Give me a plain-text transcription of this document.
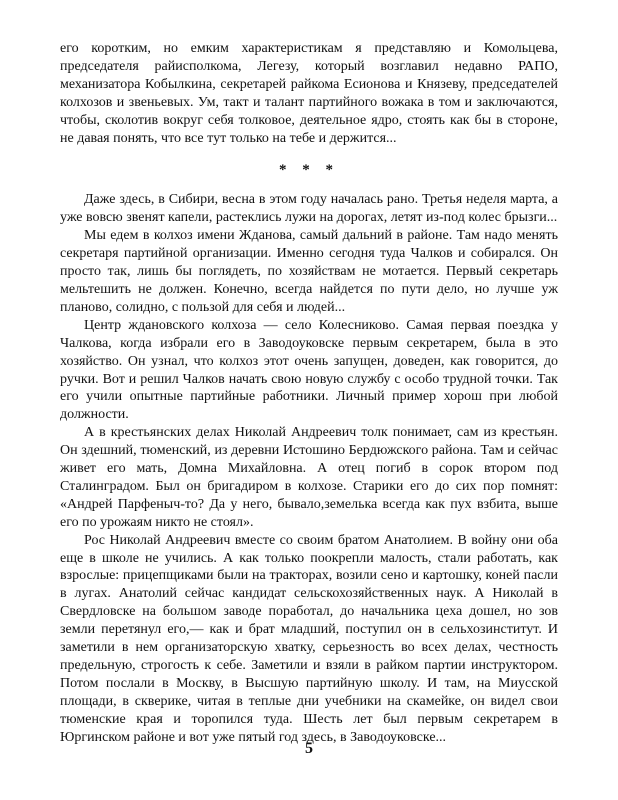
его коротким, но емким характеристикам я представляю и Комольцева, председателя райисполкома, Легезу, который возглавил недавно РАПО, механизатора Кобылкина, секретарей райкома Есионова и Князеву, председателей колхозов и звеньевых. Ум, такт и талант партийного вожака в том и заключаются, чтобы, сколотив вокруг себя толковое, деятельное ядро, стоять как бы в стороне, не давая понять, что все тут только на тебе и держится...

* * *

Даже здесь, в Сибири, весна в этом году началась рано. Третья неделя марта, а уже вовсю звенят капели, растеклись лужи на дорогах, летят из-под колес брызги...

Мы едем в колхоз имени Жданова, самый дальний в районе. Там надо менять секретаря партийной организации. Именно сегодня туда Чалков и собирался. Он просто так, лишь бы поглядеть, по хозяйствам не мотается. Первый секретарь мельтешить не должен. Конечно, всегда найдется по пути дело, но лучше уж планово, солидно, с пользой для себя и людей...

Центр ждановского колхоза — село Колесниково. Самая первая поездка у Чалкова, когда избрали его в Заводоуковске первым секретарем, была в это хозяйство. Он узнал, что колхоз этот очень запущен, доведен, как говорится, до ручки. Вот и решил Чалков начать свою новую службу с особо трудной точки. Так его учили опытные партийные работники. Личный пример хорош при любой должности.

А в крестьянских делах Николай Андреевич толк понимает, сам из крестьян. Он здешний, тюменский, из деревни Истошино Бердюжского района. Там и сейчас живет его мать, Домна Михайловна. А отец погиб в сорок втором под Сталинградом. Был он бригадиром в колхозе. Старики его до сих пор помнят: «Андрей Парфеныч-то? Да у него, бывало,земелька всегда как пух взбита, выше его по урожаям никто не стоял».

Рос Николай Андреевич вместе со своим братом Анатолием. В войну они оба еще в школе не учились. А как только поокрепли малость, стали работать, как взрослые: прицепщиками были на тракторах, возили сено и картошку, коней пасли в лугах. Анатолий сейчас кандидат сельскохозяйственных наук. А Николай в Свердловске на большом заводе поработал, до начальника цеха дошел, но зов земли перетянул его,— как и брат младший, поступил он в сельхозинститут. И заметили в нем организаторскую хватку, серьезность во всех делах, честность предельную, строгость к себе. Заметили и взяли в райком партии инструктором. Потом послали в Москву, в Высшую партийную школу. И там, на Миусской площади, в скверике, читая в теплые дни учебники на скамейке, он видел свои тюменские края и торопился туда. Шесть лет был первым секретарем в Юргинском районе и вот уже пятый год здесь, в Заводоуковске...

5
